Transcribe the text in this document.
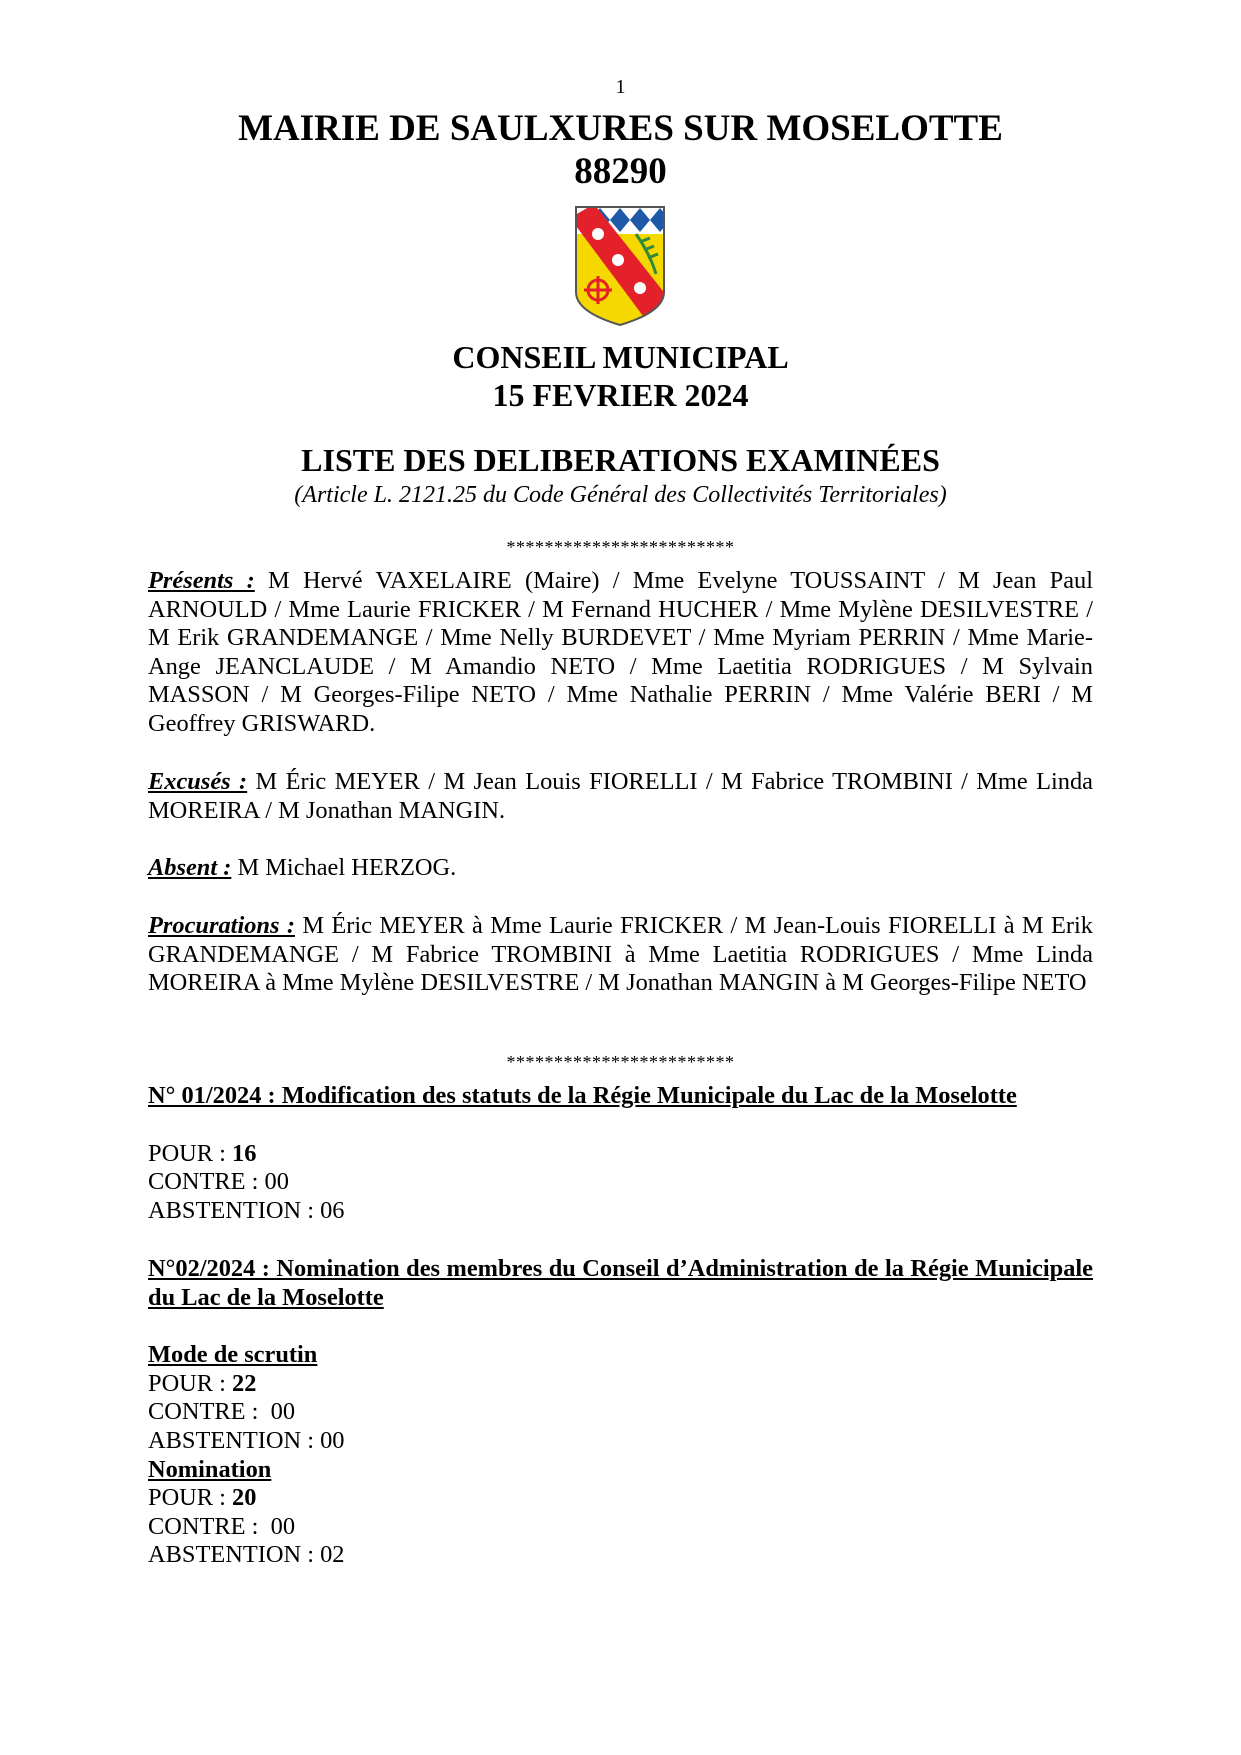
1
MAIRIE DE SAULXURES SUR MOSELOTTE
88290
CONSEIL MUNICIPAL
15 FEVRIER 2024
LISTE DES DELIBERATIONS EXAMINÉES
(Article L. 2121.25 du Code Général des Collectivités Territoriales)
************************
Présents : M Hervé VAXELAIRE (Maire) / Mme Evelyne TOUSSAINT / M Jean Paul ARNOULD / Mme Laurie FRICKER / M Fernand HUCHER / Mme Mylène DESILVESTRE / M Erik GRANDEMANGE / Mme Nelly BURDEVET / Mme Myriam PERRIN / Mme Marie-Ange JEANCLAUDE / M Amandio NETO / Mme Laetitia RODRIGUES / M Sylvain MASSON / M Georges-Filipe NETO / Mme Nathalie PERRIN / Mme Valérie BERI / M Geoffrey GRISWARD.
Excusés : M Éric MEYER / M Jean Louis FIORELLI / M Fabrice TROMBINI / Mme Linda MOREIRA / M Jonathan MANGIN.
Absent : M Michael HERZOG.
Procurations : M Éric MEYER à Mme Laurie FRICKER / M Jean-Louis FIORELLI à M Erik GRANDEMANGE / M Fabrice TROMBINI à Mme Laetitia RODRIGUES / Mme Linda MOREIRA à Mme Mylène DESILVESTRE / M Jonathan MANGIN à M Georges-Filipe NETO
************************
N° 01/2024 : Modification des statuts de la Régie Municipale du Lac de la Moselotte
POUR : 16
CONTRE : 00
ABSTENTION : 06
N°02/2024 : Nomination des membres du Conseil d’Administration de la Régie Municipale du Lac de la Moselotte
Mode de scrutin
POUR : 22
CONTRE :  00
ABSTENTION : 00
Nomination
POUR : 20
CONTRE :  00
ABSTENTION : 02
